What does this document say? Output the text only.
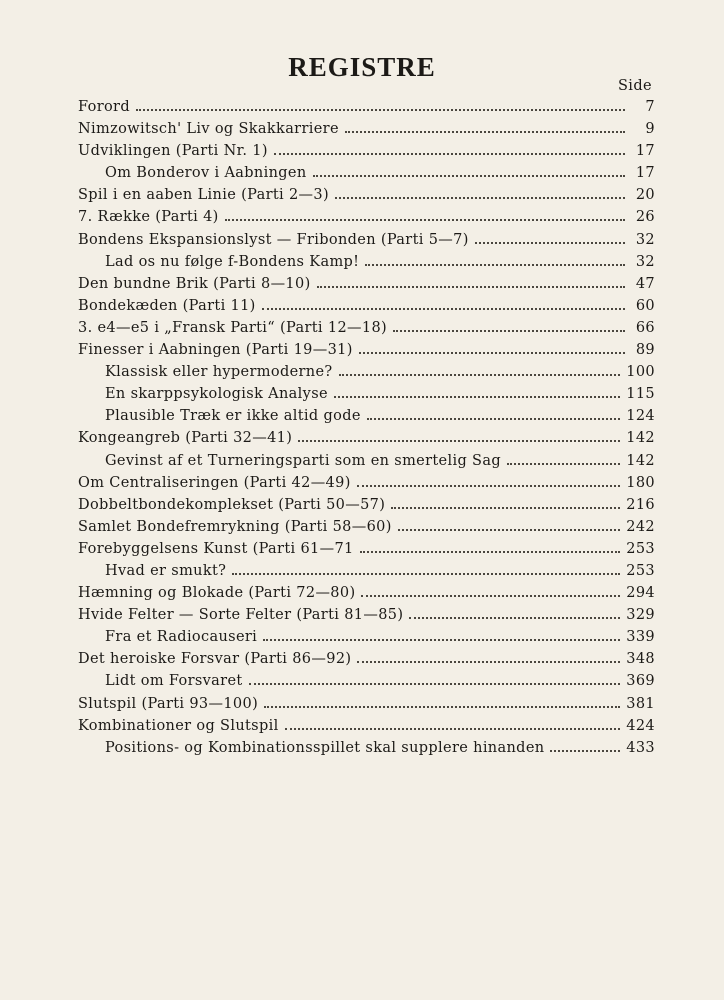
REGISTRE
Side
Forord	7
Nimzowitsch' Liv og Skakkarriere	9
Udviklingen (Parti Nr. 1)	17
Om Bonderov i Aabningen	17
Spil i en aaben Linie (Parti 2—3)	20
7. Række (Parti 4)	26
Bondens Ekspansionslyst — Fribonden (Parti 5—7)	32
Lad os nu følge f-Bondens Kamp!	32
Den bundne Brik (Parti 8—10)	47
Bondekæden (Parti 11)	60
3. e4—e5 i „Fransk Parti“ (Parti 12—18)	66
Finesser i Aabningen (Parti 19—31)	89
Klassisk eller hypermoderne?	100
En skarppsykologisk Analyse	115
Plausible Træk er ikke altid gode	124
Kongeangreb (Parti 32—41)	142
Gevinst af et Turneringsparti som en smertelig Sag	142
Om Centraliseringen (Parti 42—49)	180
Dobbeltbondekomplekset (Parti 50—57)	216
Samlet Bondefremrykning (Parti 58—60)	242
Forebyggelsens Kunst (Parti 61—71	253
Hvad er smukt?	253
Hæmning og Blokade (Parti 72—80)	294
Hvide Felter — Sorte Felter (Parti 81—85)	329
Fra et Radiocauseri	339
Det heroiske Forsvar (Parti 86—92)	348
Lidt om Forsvaret	369
Slutspil (Parti 93—100)	381
Kombinationer og Slutspil	424
Positions- og Kombinationsspillet skal supplere hinanden	433
